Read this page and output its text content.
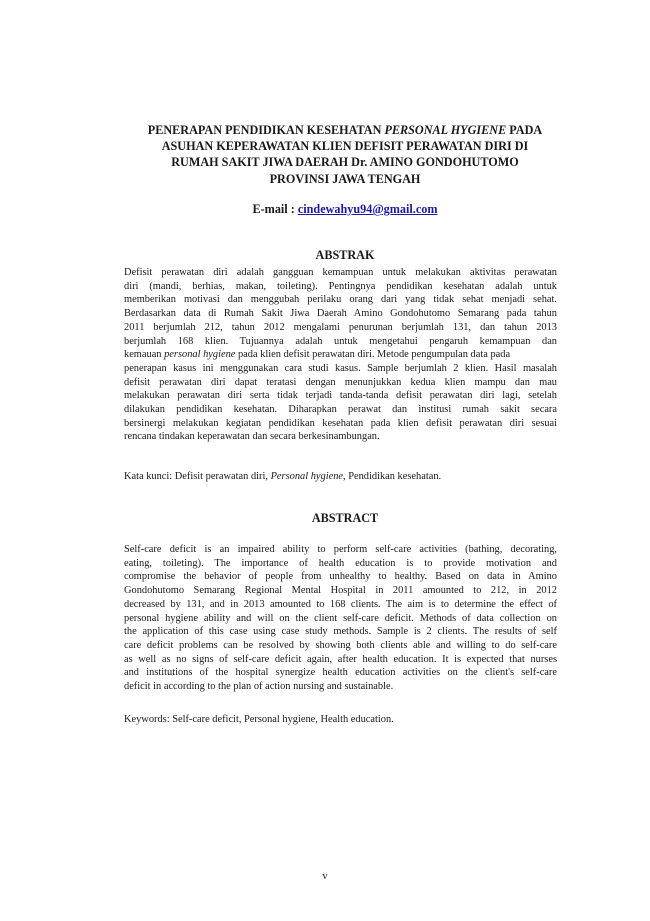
PENERAPAN PENDIDIKAN KESEHATAN PERSONAL HYGIENE PADA
ASUHAN KEPERAWATAN KLIEN DEFISIT PERAWATAN DIRI DI
RUMAH SAKIT JIWA DAERAH Dr. AMINO GONDOHUTOMO
PROVINSI JAWA TENGAH

E-mail : cindewahyu94@gmail.com

ABSTRAK
Defisit perawatan diri adalah gangguan kemampuan untuk melakukan aktivitas perawatan
diri (mandi, berhias, makan, toileting). Pentingnya pendidikan kesehatan adalah untuk
memberikan motivasi dan menggubah perilaku orang dari yang tidak sehat menjadi sehat.
Berdasarkan data di Rumah Sakit Jiwa Daerah Amino Gondohutomo Semarang pada tahun
2011 berjumlah 212, tahun 2012 mengalami penurunan berjumlah 131, dan tahun 2013
berjumlah 168 klien. Tujuannya adalah untuk mengetahui pengaruh kemampuan dan
kemauan personal hygiene pada klien defisit perawatan diri. Metode pengumpulan data pada
penerapan kasus ini menggunakan cara studi kasus. Sample berjumlah 2 klien. Hasil masalah
defisit perawatan diri dapat teratasi dengan menunjukkan kedua klien mampu dan mau
melakukan perawatan diri serta tidak terjadi tanda-tanda defisit perawatan diri lagi, setelah
dilakukan pendidikan kesehatan. Diharapkan perawat dan institusi rumah sakit secara
bersinergi melakukan kegiatan pendidikan kesehatan pada klien defisit perawatan diri sesuai
rencana tindakan keperawatan dan secara berkesinambungan.

Kata kunci: Defisit perawatan diri, Personal hygiene, Pendidikan kesehatan.

ABSTRACT
Self-care deficit is an impaired ability to perform self-care activities (bathing, decorating,
eating, toileting). The importance of health education is to provide motivation and
compromise the behavior of people from unhealthy to healthy. Based on data in Amino
Gondohutomo Semarang Regional Mental Hospital in 2011 amounted to 212, in 2012
decreased by 131, and in 2013 amounted to 168 clients. The aim is to determine the effect of
personal hygiene ability and will on the client self-care deficit. Methods of data collection on
the application of this case using case study methods. Sample is 2 clients. The results of self
care deficit problems can be resolved by showing both clients able and willing to do self-care
as well as no signs of self-care deficit again, after health education. It is expected that nurses
and institutions of the hospital synergize health education activities on the client's self-care
deficit in according to the plan of action nursing and sustainable.

Keywords: Self-care deficit, Personal hygiene, Health education.

v
